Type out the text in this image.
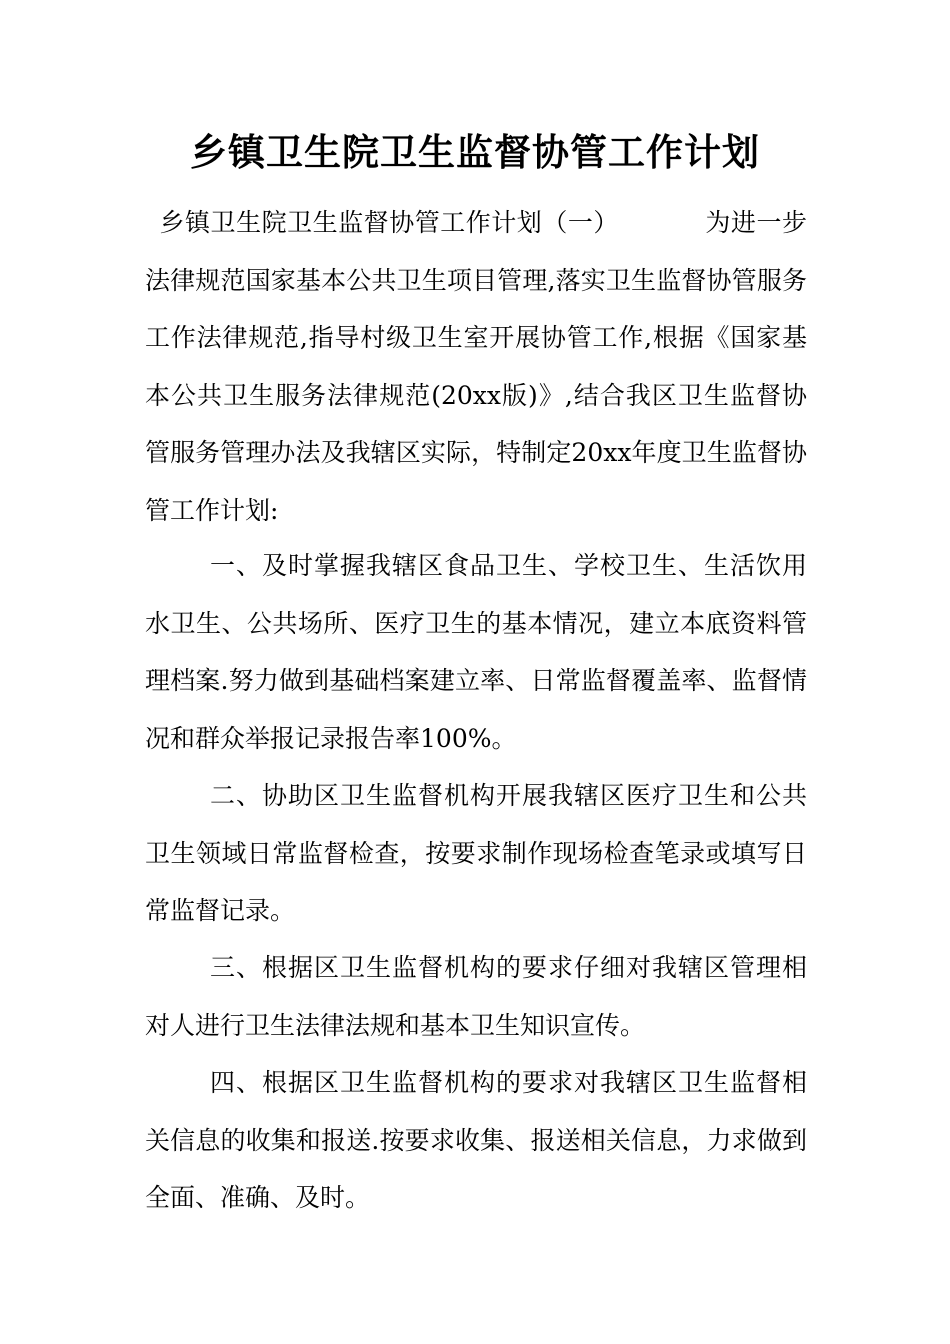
乡镇卫生院卫生监督协管工作计划
乡镇卫生院卫生监督协管工作计划（一）	为进一步法律规范国家基本公共卫生项目管理,落实卫生监督协管服务工作法律规范,指导村级卫生室开展协管工作,根据《国家基本公共卫生服务法律规范(20xx版)》,结合我区卫生监督协管服务管理办法及我辖区实际，特制定20xx年度卫生监督协管工作计划:
一、及时掌握我辖区食品卫生、学校卫生、生活饮用水卫生、公共场所、医疗卫生的基本情况，建立本底资料管理档案.努力做到基础档案建立率、日常监督覆盖率、监督情况和群众举报记录报告率100%。
二、协助区卫生监督机构开展我辖区医疗卫生和公共卫生领域日常监督检查，按要求制作现场检查笔录或填写日常监督记录。
三、根据区卫生监督机构的要求仔细对我辖区管理相对人进行卫生法律法规和基本卫生知识宣传。
四、根据区卫生监督机构的要求对我辖区卫生监督相关信息的收集和报送.按要求收集、报送相关信息，力求做到全面、准确、及时。
